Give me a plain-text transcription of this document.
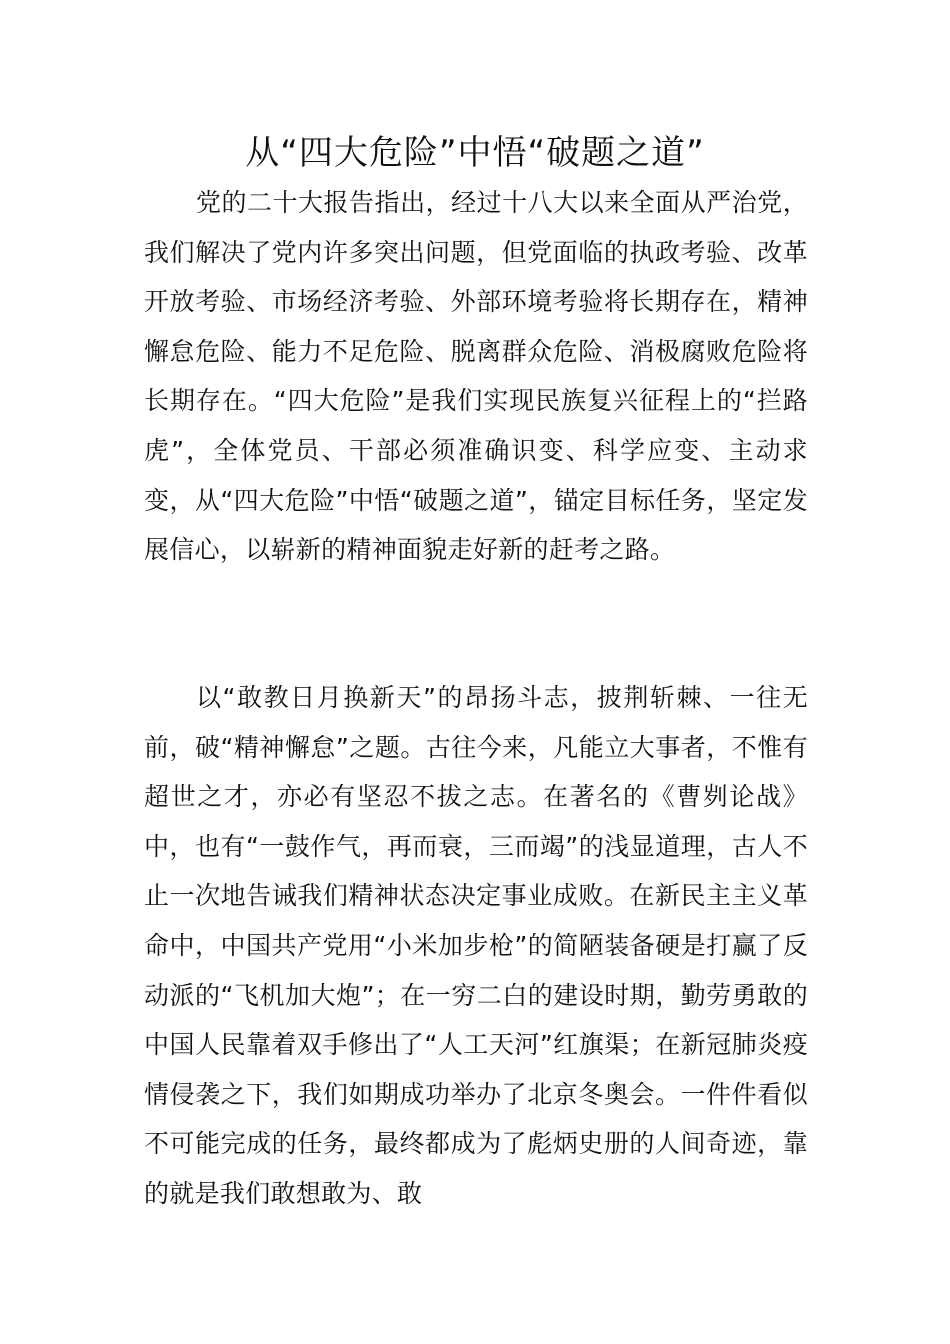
从“四大危险”中悟“破题之道”

党的二十大报告指出，经过十八大以来全面从严治党，我们解决了党内许多突出问题，但党面临的执政考验、改革开放考验、市场经济考验、外部环境考验将长期存在，精神懈怠危险、能力不足危险、脱离群众危险、消极腐败危险将长期存在。“四大危险”是我们实现民族复兴征程上的“拦路虎”，全体党员、干部必须准确识变、科学应变、主动求变，从“四大危险”中悟“破题之道”，锚定目标任务，坚定发展信心，以崭新的精神面貌走好新的赶考之路。

以“敢教日月换新天”的昂扬斗志，披荆斩棘、一往无前，破“精神懈怠”之题。古往今来，凡能立大事者，不惟有超世之才，亦必有坚忍不拔之志。在著名的《曹刿论战》中，也有“一鼓作气，再而衰，三而竭”的浅显道理，古人不止一次地告诫我们精神状态决定事业成败。在新民主主义革命中，中国共产党用“小米加步枪”的简陋装备硬是打赢了反动派的“飞机加大炮”；在一穷二白的建设时期，勤劳勇敢的中国人民靠着双手修出了“人工天河”红旗渠；在新冠肺炎疫情侵袭之下，我们如期成功举办了北京冬奥会。一件件看似不可能完成的任务，最终都成为了彪炳史册的人间奇迹，靠的就是我们敢想敢为、敢
